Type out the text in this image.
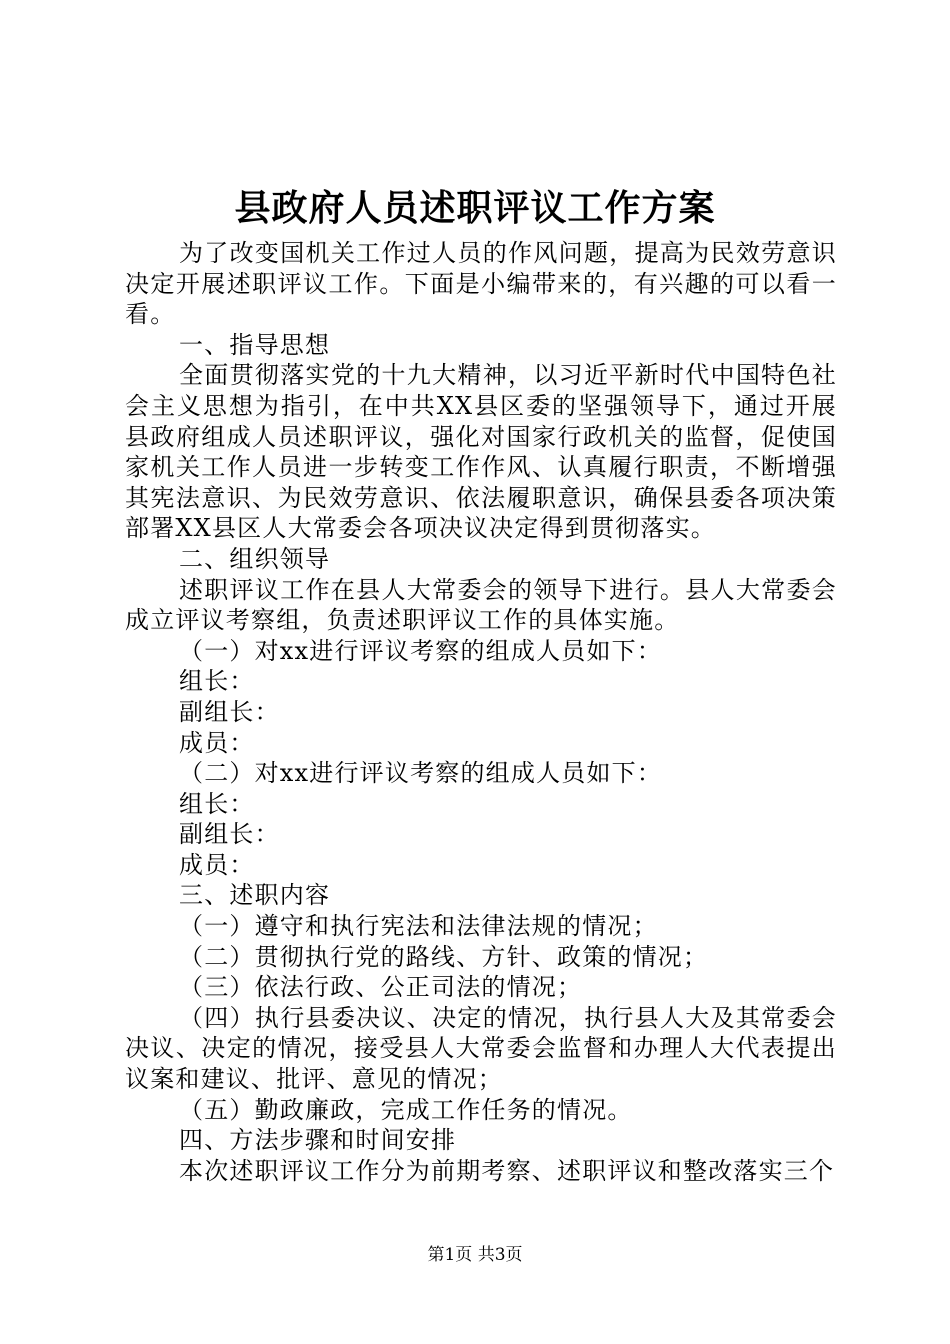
县政府人员述职评议工作方案

为了改变国机关工作过人员的作风问题，提高为民效劳意识决定开展述职评议工作。下面是小编带来的，有兴趣的可以看一看。

一、指导思想

全面贯彻落实党的十九大精神，以习近平新时代中国特色社会主义思想为指引，在中共XX县区委的坚强领导下，通过开展县政府组成人员述职评议，强化对国家行政机关的监督，促使国家机关工作人员进一步转变工作作风、认真履行职责，不断增强其宪法意识、为民效劳意识、依法履职意识，确保县委各项决策部署XX县区人大常委会各项决议决定得到贯彻落实。

二、组织领导

述职评议工作在县人大常委会的领导下进行。县人大常委会成立评议考察组，负责述职评议工作的具体实施。

（一）对xx进行评议考察的组成人员如下：

组长：

副组长：

成员：

（二）对xx进行评议考察的组成人员如下：

组长：

副组长：

成员：

三、述职内容

（一）遵守和执行宪法和法律法规的情况；

（二）贯彻执行党的路线、方针、政策的情况；

（三）依法行政、公正司法的情况；

（四）执行县委决议、决定的情况，执行县人大及其常委会决议、决定的情况，接受县人大常委会监督和办理人大代表提出议案和建议、批评、意见的情况；

（五）勤政廉政，完成工作任务的情况。

四、方法步骤和时间安排

本次述职评议工作分为前期考察、述职评议和整改落实三个

第1页 共3页
